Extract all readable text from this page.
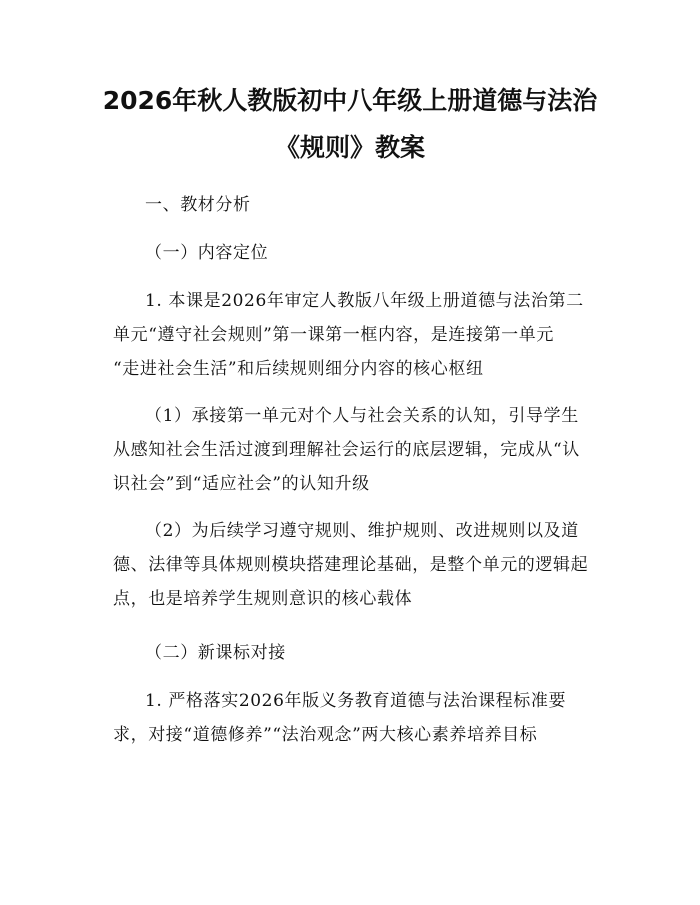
2026年秋人教版初中八年级上册道德与法治
《规则》教案
一、教材分析
（一）内容定位
1. 本课是2026年审定人教版八年级上册道德与法治第二
单元“遵守社会规则”第一课第一框内容，是连接第一单元
“走进社会生活”和后续规则细分内容的核心枢纽
（1）承接第一单元对个人与社会关系的认知，引导学生
从感知社会生活过渡到理解社会运行的底层逻辑，完成从“认
识社会”到“适应社会”的认知升级
（2）为后续学习遵守规则、维护规则、改进规则以及道
德、法律等具体规则模块搭建理论基础，是整个单元的逻辑起
点，也是培养学生规则意识的核心载体
（二）新课标对接
1. 严格落实2026年版义务教育道德与法治课程标准要
求，对接“道德修养”“法治观念”两大核心素养培养目标
